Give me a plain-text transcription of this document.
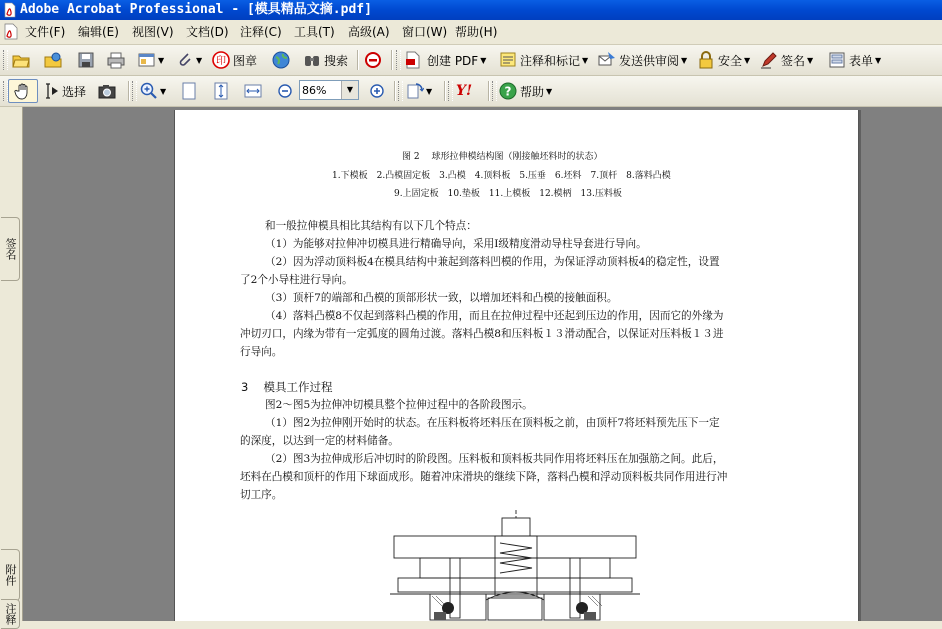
Adobe Acrobat Professional - [模具精品文摘.pdf]
文件(F) 编辑(E) 视图(V) 文档(D) 注释(C) 工具(T) 高级(A) 窗口(W) 帮助(H)
▼	▼ 印 图章	搜索	创建 PDF ▼	注释和标记 ▼	发送供审阅 ▼	安全 ▼	签名 ▼	表单 ▼
选择	▼
86%	▼	▼ Y!	? 帮助 ▼
签名
附件
注释
图 2　 球形拉伸模结构图（刚接触坯料时的状态）
1.下模板　2.凸模固定板　3.凸模　4.顶料板　5.压垂　6.坯料　7.顶杆　8.落料凸模
9.上固定板　10.垫板　11.上模板　12.模柄　13.压料板
和一般拉伸模具相比其结构有以下几个特点：
（1）为能够对拉伸冲切模具进行精确导向，采用Ⅰ级精度滑动导柱导套进行导向。
（2）因为浮动顶料板4在模具结构中兼起到落料凹模的作用，为保证浮动顶料板4的稳定性，设置
了2个小导柱进行导向。
（3）顶杆7的端部和凸模的顶部形状一致，以增加坯料和凸模的接触面积。
（4）落料凸模8不仅起到落料凸模的作用，而且在拉伸过程中还起到压边的作用，因而它的外缘为
冲切刃口，内缘为带有一定弧度的圆角过渡。落料凸模8和压料板１３滑动配合，以保证对压料板１３进
行导向。
3　 模具工作过程
图2～图5为拉伸冲切模具整个拉伸过程中的各阶段图示。
（1）图2为拉伸刚开始时的状态。在压料板将坯料压在顶料板之前，由顶杆7将坯料预先压下一定
的深度，以达到一定的材料储备。
（2）图3为拉伸成形后冲切时的阶段图。压料板和顶料板共同作用将坯料压在加强筋之间。此后，
坯料在凸模和顶杆的作用下球面成形。随着冲床滑块的继续下降，落料凸模和浮动顶料板共同作用进行冲
切工序。
